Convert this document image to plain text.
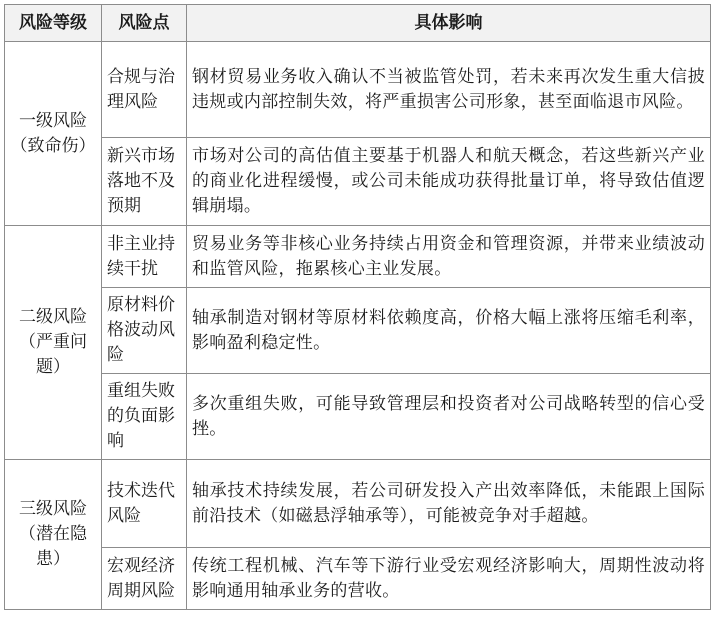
风险等级	风险点	具体影响

一级风险
（致命伤）	合规与治理风险	钢材贸易业务收入确认不当被监管处罚，若未来再次发生重大信披违规或内部控制失效，将严重损害公司形象，甚至面临退市风险。
	新兴市场落地不及预期	市场对公司的高估值主要基于机器人和航天概念，若这些新兴产业的商业化进程缓慢，或公司未能成功获得批量订单，将导致估值逻辑崩塌。

二级风险
（严重问题）	非主业持续干扰	贸易业务等非核心业务持续占用资金和管理资源，并带来业绩波动和监管风险，拖累核心主业发展。
	原材料价格波动风险	轴承制造对钢材等原材料依赖度高，价格大幅上涨将压缩毛利率，影响盈利稳定性。
	重组失败的负面影响	多次重组失败，可能导致管理层和投资者对公司战略转型的信心受挫。

三级风险
（潜在隐患）	技术迭代风险	轴承技术持续发展，若公司研发投入产出效率降低，未能跟上国际前沿技术（如磁悬浮轴承等），可能被竞争对手超越。
	宏观经济周期风险	传统工程机械、汽车等下游行业受宏观经济影响大，周期性波动将影响通用轴承业务的营收。
